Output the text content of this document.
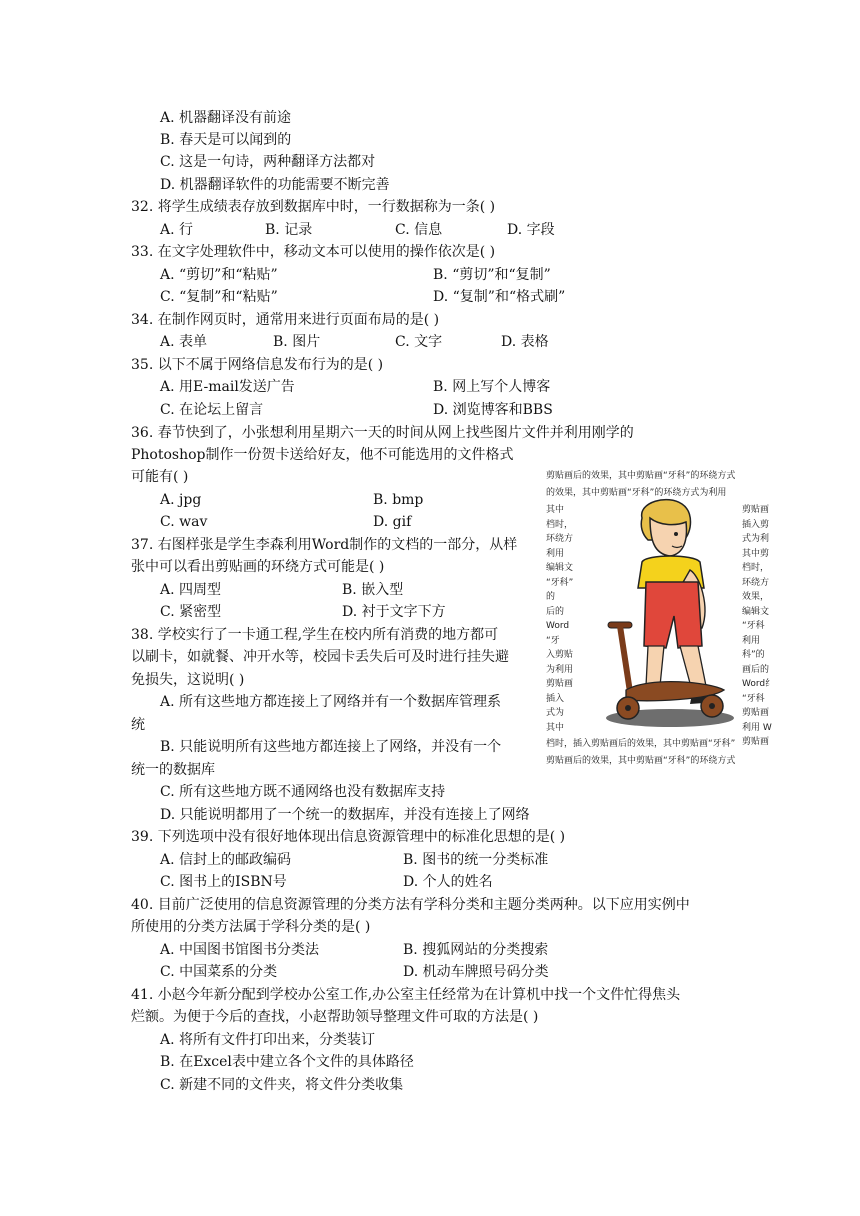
A. 机器翻译没有前途
B. 春天是可以闻到的
C. 这是一句诗，两种翻译方法都对
D. 机器翻译软件的功能需要不断完善
32. 将学生成绩表存放到数据库中时，一行数据称为一条( )
A. 行	B. 记录	C. 信息	D. 字段
33. 在文字处理软件中，移动文本可以使用的操作依次是( )
A. “剪切”和“粘贴”	B. “剪切”和“复制”
C. “复制”和“粘贴”	D. “复制”和“格式刷”
34. 在制作网页时，通常用来进行页面布局的是( )
A. 表单	B. 图片	C. 文字	D. 表格
35. 以下不属于网络信息发布行为的是( )
A. 用E-mail发送广告	B. 网上写个人博客
C. 在论坛上留言	D. 浏览博客和BBS
36. 春节快到了，小张想利用星期六一天的时间从网上找些图片文件并利用刚学的
Photoshop制作一份贺卡送给好友，他不可能选用的文件格式
可能有( )
A. jpg	B. bmp
C. wav	D. gif
37. 右图样张是学生李森利用Word制作的文档的一部分，从样
张中可以看出剪贴画的环绕方式可能是( )
A. 四周型	B. 嵌入型
C. 紧密型	D. 衬于文字下方
38. 学校实行了一卡通工程,学生在校内所有消费的地方都可
以刷卡，如就餐、冲开水等，校园卡丢失后可及时进行挂失避
免损失，这说明( )
A. 所有这些地方都连接上了网络并有一个数据库管理系
统
B. 只能说明所有这些地方都连接上了网络，并没有一个
统一的数据库
C. 所有这些地方既不通网络也没有数据库支持
D. 只能说明都用了一个统一的数据库，并没有连接上了网络
39. 下列选项中没有很好地体现出信息资源管理中的标准化思想的是( )
A. 信封上的邮政编码	B. 图书的统一分类标准
C. 图书上的ISBN号	D. 个人的姓名
40. 目前广泛使用的信息资源管理的分类方法有学科分类和主题分类两种。以下应用实例中
所使用的分类方法属于学科分类的是( )
A. 中国图书馆图书分类法	B. 搜狐网站的分类搜索
C. 中国菜系的分类	D. 机动车牌照号码分类
41. 小赵今年新分配到学校办公室工作,办公室主任经常为在计算机中找一个文件忙得焦头
烂额。为便于今后的查找，小赵帮助领导整理文件可取的方法是( )
A. 将所有文件打印出来，分类装订
B. 在Excel表中建立各个文件的具体路径
C. 新建不同的文件夹，将文件分类收集
剪贴画后的效果，其中剪贴画“牙科”的环绕方式
的效果，其中剪贴画“牙科”的环绕方式为利用
档时，插入剪贴画后的效果，其中剪贴画“牙科”
剪贴画后的效果，其中剪贴画“牙科”的环绕方式
其中
档时，
环绕方
利用
编辑文
“牙科”
的
后的
Word
“牙
入剪贴
为利用
剪贴画
插入
式为
其中
剪贴画
插入剪
式为利
其中剪
档时，
环绕方
效果，
编辑文
“牙科
利用
科”的
画后的
Word纟
“牙科
剪贴画
利用 W
剪贴画
